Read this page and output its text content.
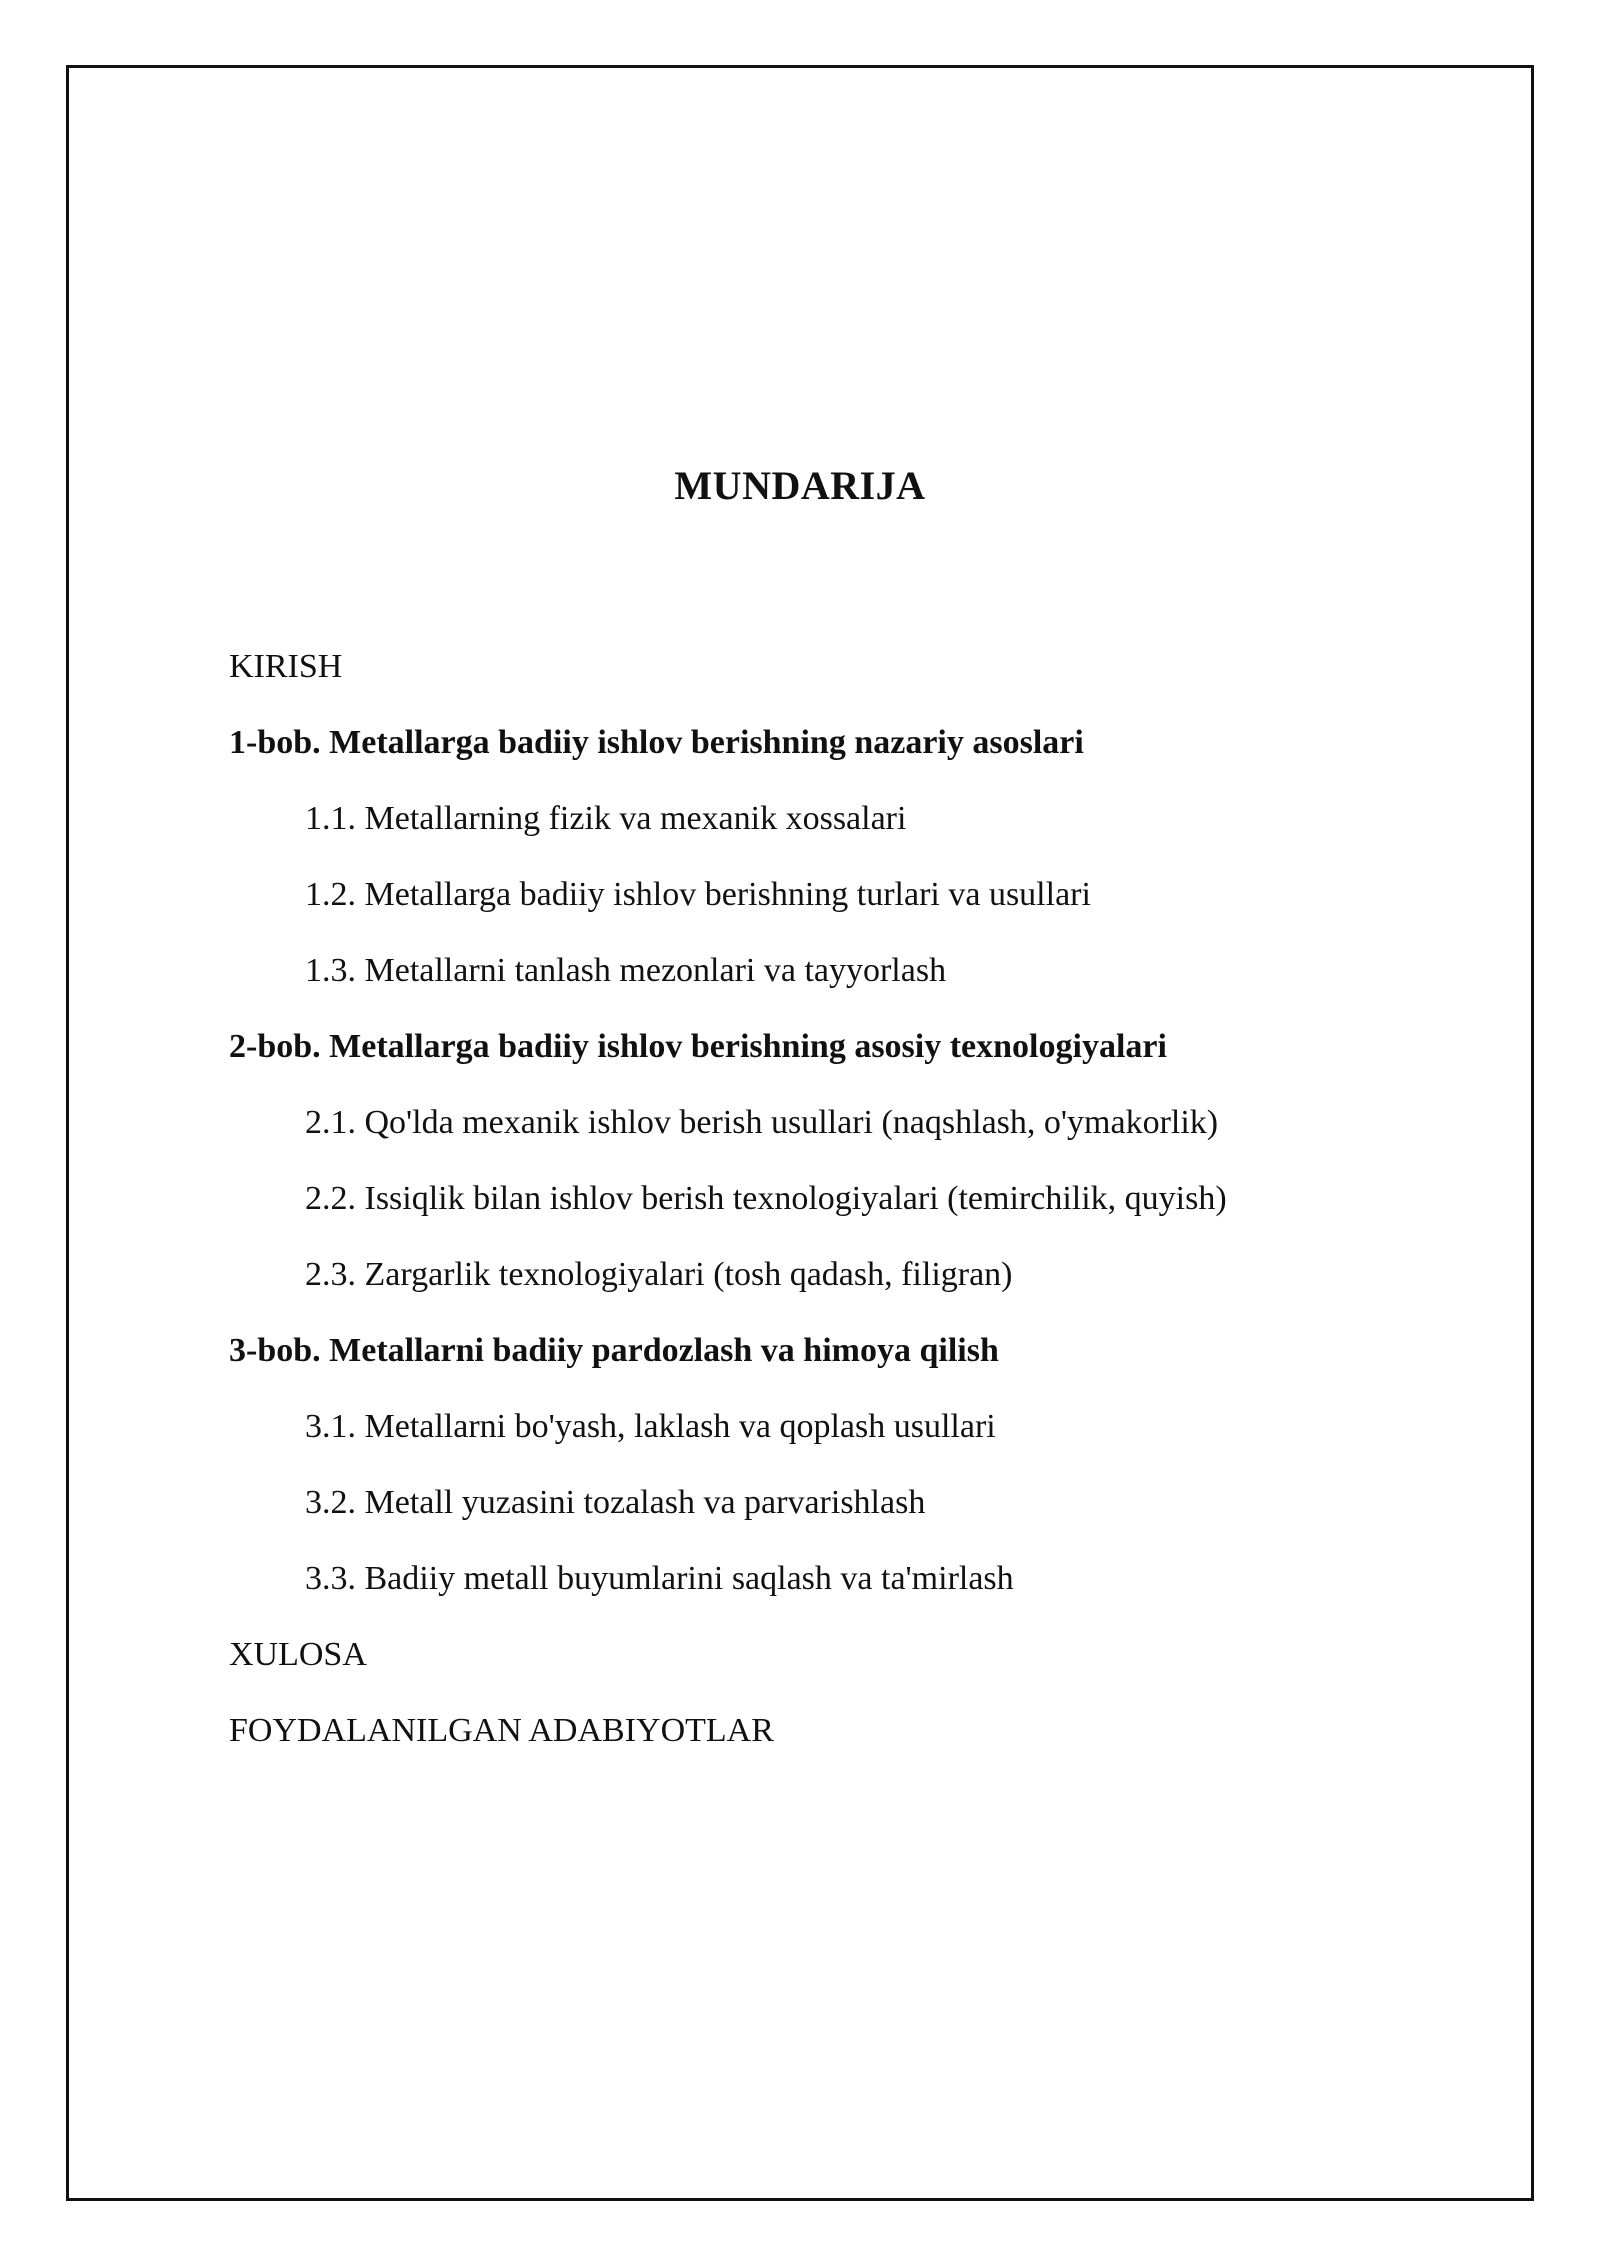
MUNDARIJA
KIRISH
1-bob. Metallarga badiiy ishlov berishning nazariy asoslari
1.1. Metallarning fizik va mexanik xossalari
1.2. Metallarga badiiy ishlov berishning turlari va usullari
1.3. Metallarni tanlash mezonlari va tayyorlash
2-bob. Metallarga badiiy ishlov berishning asosiy texnologiyalari
2.1. Qo'lda mexanik ishlov berish usullari (naqshlash, o'ymakorlik)
2.2. Issiqlik bilan ishlov berish texnologiyalari (temirchilik, quyish)
2.3. Zargarlik texnologiyalari (tosh qadash, filigran)
3-bob. Metallarni badiiy pardozlash va himoya qilish
3.1. Metallarni bo'yash, laklash va qoplash usullari
3.2. Metall yuzasini tozalash va parvarishlash
3.3. Badiiy metall buyumlarini saqlash va ta'mirlash
XULOSA
FOYDALANILGAN ADABIYOTLAR
